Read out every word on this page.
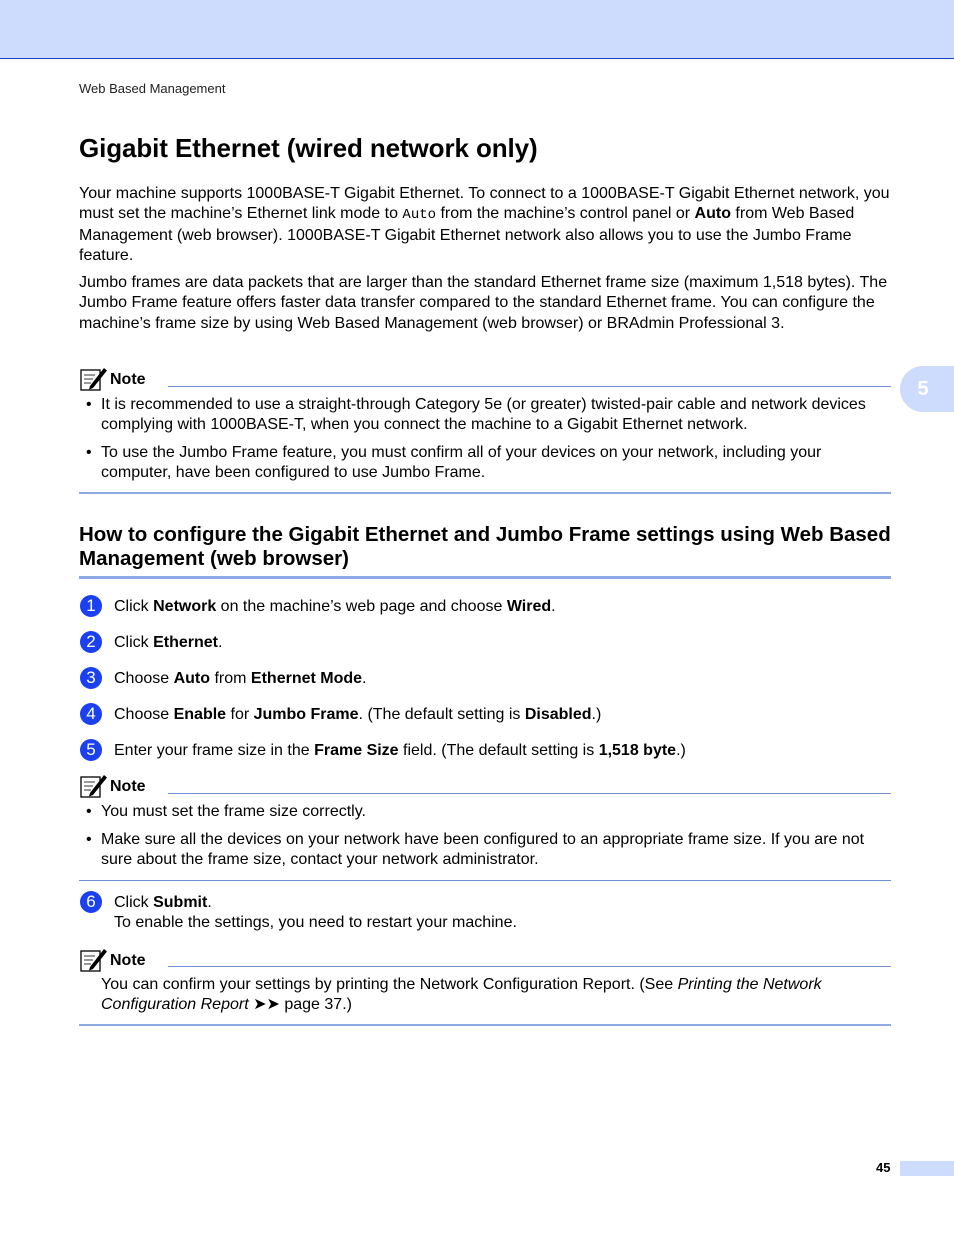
Web Based Management
Gigabit Ethernet (wired network only)

Your machine supports 1000BASE-T Gigabit Ethernet. To connect to a 1000BASE-T Gigabit Ethernet network, you must set the machine’s Ethernet link mode to Auto from the machine’s control panel or Auto from Web Based Management (web browser). 1000BASE-T Gigabit Ethernet network also allows you to use the Jumbo Frame feature.

Jumbo frames are data packets that are larger than the standard Ethernet frame size (maximum 1,518 bytes). The Jumbo Frame feature offers faster data transfer compared to the standard Ethernet frame. You can configure the machine’s frame size by using Web Based Management (web browser) or BRAdmin Professional 3.

5
Note

• It is recommended to use a straight-through Category 5e (or greater) twisted-pair cable and network devices complying with 1000BASE-T, when you connect the machine to a Gigabit Ethernet network.

• To use the Jumbo Frame feature, you must confirm all of your devices on your network, including your computer, have been configured to use Jumbo Frame.

How to configure the Gigabit Ethernet and Jumbo Frame settings using Web Based Management (web browser)
1	Click Network on the machine’s web page and choose Wired.
2	Click Ethernet.
3	Choose Auto from Ethernet Mode.
4	Choose Enable for Jumbo Frame. (The default setting is Disabled.)
5	Enter your frame size in the Frame Size field. (The default setting is 1,518 byte.)
Note

• You must set the frame size correctly.

• Make sure all the devices on your network have been configured to an appropriate frame size. If you are not sure about the frame size, contact your network administrator.

6	Click Submit.
To enable the settings, you need to restart your machine.
Note

You can confirm your settings by printing the Network Configuration Report. (See Printing the Network Configuration Report ➤➤ page 37.)

45
